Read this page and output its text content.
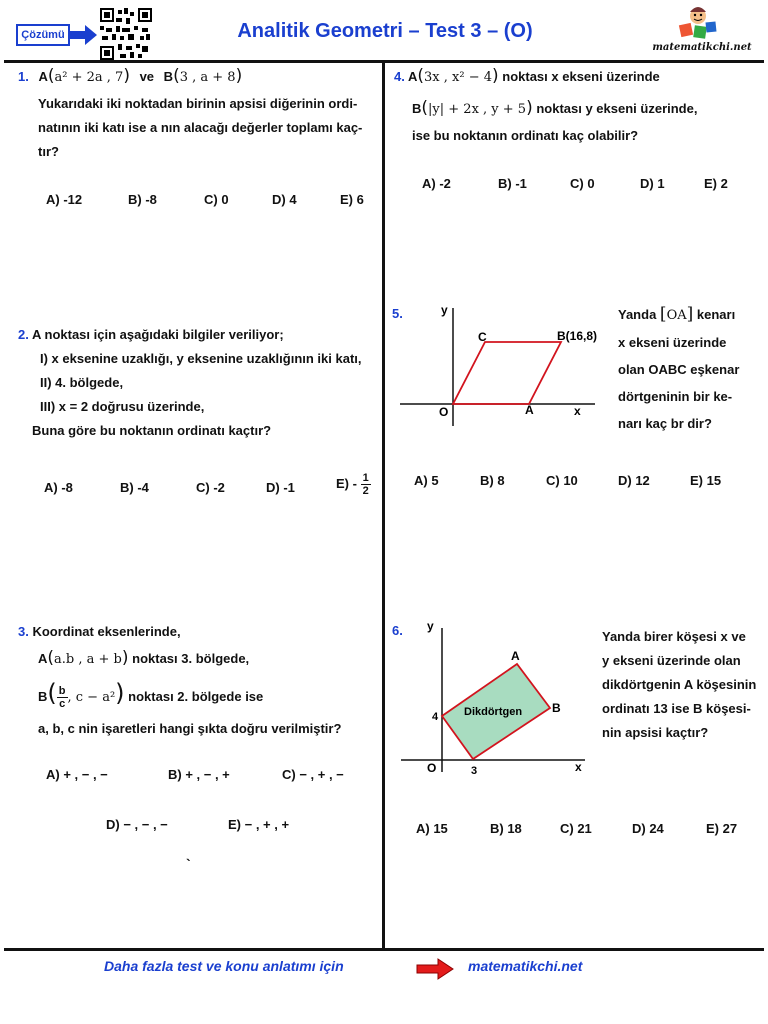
Çözümü	Analitik Geometri – Test 3 – (O)
matematikchi.net
1. A(a² + 2a , 7) ve B(3 , a + 8)
Yukarıdaki iki noktadan birinin apsisi diğerinin ordi-
natının iki katı ise a nın alacağı değerler toplamı kaç-
tır?
A) -12	B) -8	C) 0	D) 4	E) 6
2. A noktası için aşağıdaki bilgiler veriliyor;
I) x eksenine uzaklığı, y eksenine uzaklığının iki katı,
II) 4. bölgede,
III) x = 2 doğrusu üzerinde,
Buna göre bu noktanın ordinatı kaçtır?
A) -8	B) -4	C) -2	D) -1	$E) - \frac{1}{2}$
3. Koordinat eksenlerinde,
A(a.b , a + b) noktası 3. bölgede,
$B( \frac{b}{c}$ , c − a²) noktası 2. bölgede ise
a, b, c nin işaretleri hangi şıkta doğru verilmiştir?
A) + , − , −	B) + , − , +	C) − , + , −
D) − , − , −	E) − , + , +
`
4. A(3x , x² − 4) noktası x ekseni üzerinde
B(|y| + 2x , y + 5) noktası y ekseni üzerinde,
ise bu noktanın ordinatı kaç olabilir?
A) -2	B) -1	C) 0	D) 1	E) 2
5.	y
x
O	A
C	B(16,8)
Yanda [OA] kenarı
x ekseni üzerinde
olan OABC eşkenar
dörtgeninin bir ke-
narı kaç br dir?
A) 5	B) 8	C) 10	D) 12	E) 15
6. y
x
O
A
B
4
3
Dikdörtgen
Yanda birer köşesi x ve
y ekseni üzerinde olan
dikdörtgenin A köşesinin
ordinatı 13 ise B köşesi-
nin apsisi kaçtır?
A) 15	B) 18	C) 21	D) 24	E) 27
Daha fazla test ve konu anlatımı için	matematikchi.net
